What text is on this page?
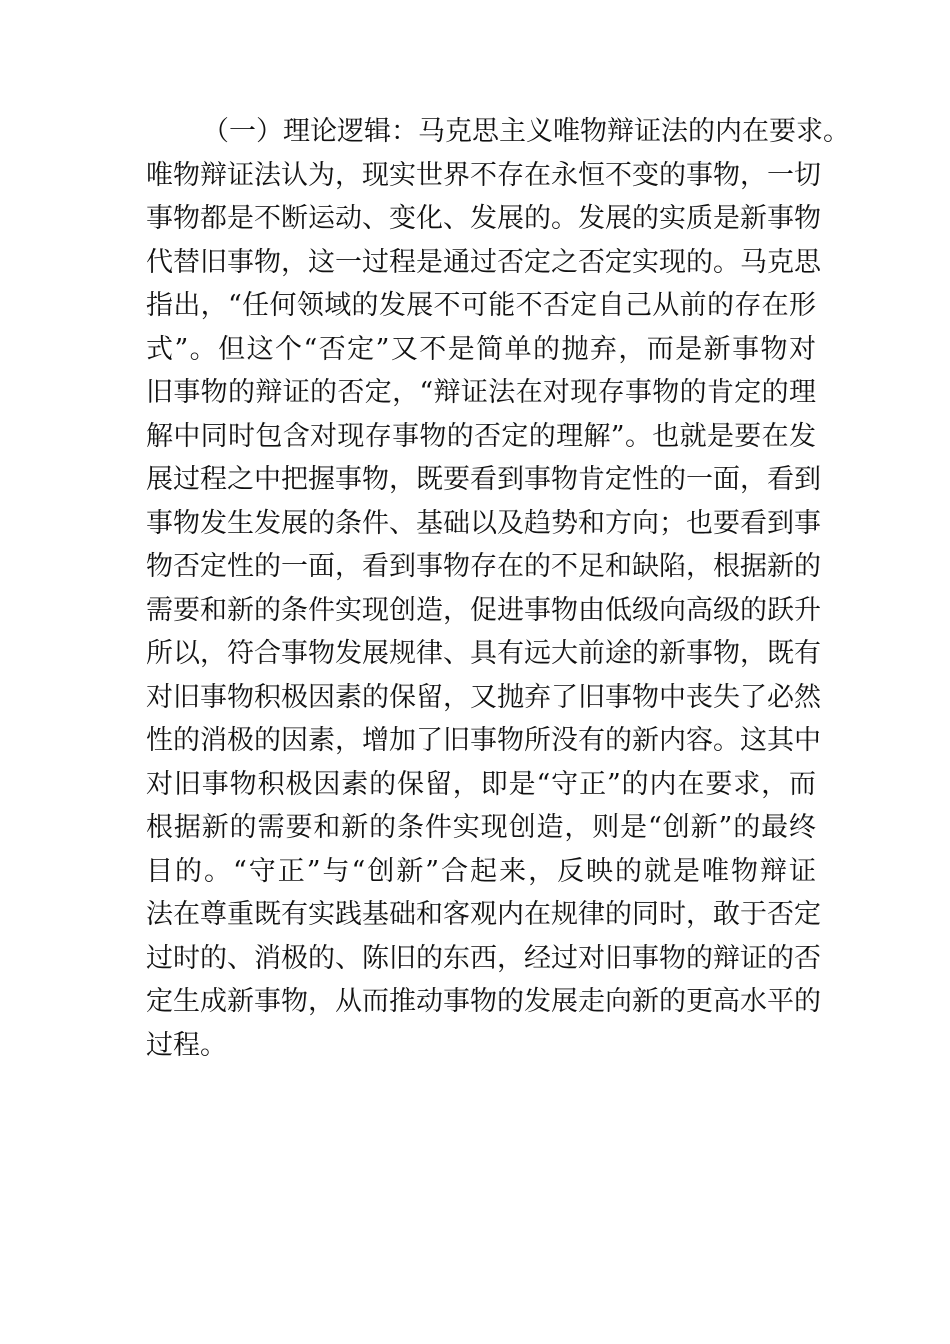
（一）理论逻辑：马克思主义唯物辩证法的内在要求。
唯物辩证法认为，现实世界不存在永恒不变的事物，一切
事物都是不断运动、变化、发展的。发展的实质是新事物
代替旧事物，这一过程是通过否定之否定实现的。马克思
指出，“任何领域的发展不可能不否定自己从前的存在形
式”。但这个“否定”又不是简单的抛弃，而是新事物对
旧事物的辩证的否定，“辩证法在对现存事物的肯定的理
解中同时包含对现存事物的否定的理解”。也就是要在发
展过程之中把握事物，既要看到事物肯定性的一面，看到
事物发生发展的条件、基础以及趋势和方向；也要看到事
物否定性的一面，看到事物存在的不足和缺陷，根据新的
需要和新的条件实现创造，促进事物由低级向高级的跃升
所以，符合事物发展规律、具有远大前途的新事物，既有
对旧事物积极因素的保留，又抛弃了旧事物中丧失了必然
性的消极的因素，增加了旧事物所没有的新内容。这其中
对旧事物积极因素的保留，即是“守正”的内在要求，而
根据新的需要和新的条件实现创造，则是“创新”的最终
目的。“守正”与“创新”合起来，反映的就是唯物辩证
法在尊重既有实践基础和客观内在规律的同时，敢于否定
过时的、消极的、陈旧的东西，经过对旧事物的辩证的否
定生成新事物，从而推动事物的发展走向新的更高水平的
过程。
